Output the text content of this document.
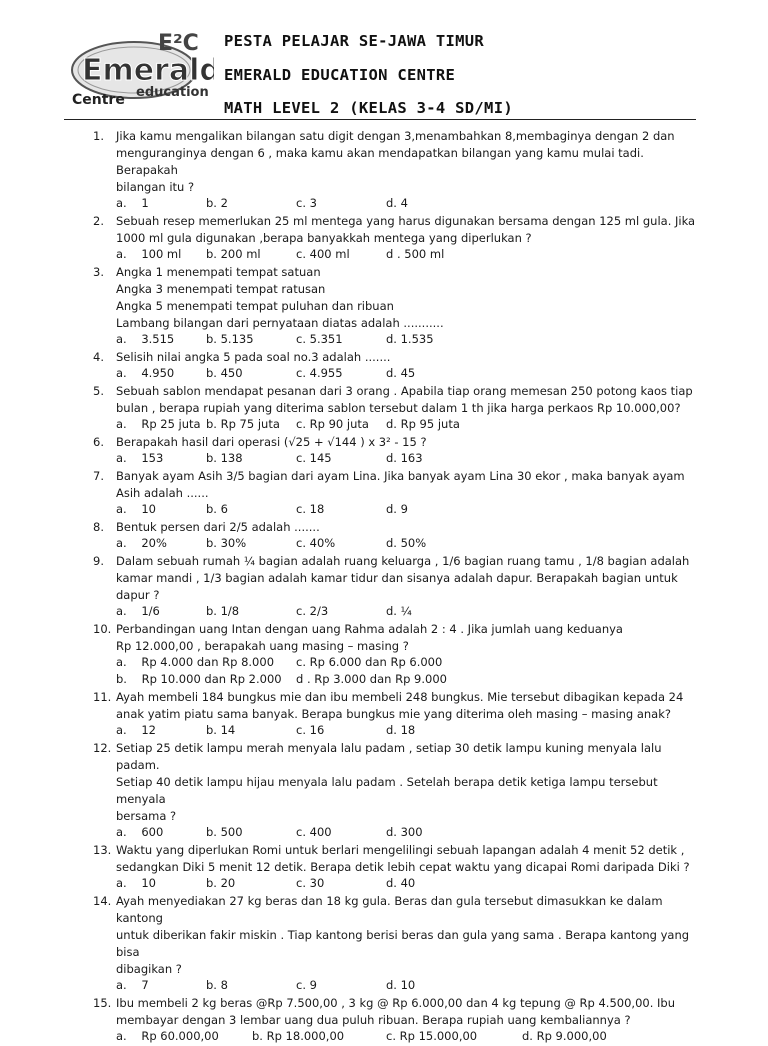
Emerald
E²C
education
Centre
PESTA PELAJAR SE-JAWA TIMUR
EMERALD EDUCATION CENTRE
MATH LEVEL 2 (KELAS 3-4 SD/MI)
1. Jika kamu mengalikan bilangan satu digit dengan 3,menambahkan 8,membaginya dengan 2 dan
menguranginya dengan 6 , maka kamu akan mendapatkan bilangan yang kamu mulai tadi. Berapakah
bilangan itu ?
a.    1	b. 2	c. 3	d. 4
2. Sebuah resep memerlukan 25 ml mentega yang harus digunakan bersama dengan 125 ml gula. Jika
1000 ml gula digunakan ,berapa banyakkah mentega yang diperlukan ?
a.    100 ml b. 200 ml	c. 400 ml	d . 500 ml
3. Angka 1 menempati tempat satuan
Angka 3 menempati tempat ratusan
Angka 5 menempati tempat puluhan dan ribuan
Lambang bilangan dari pernyataan diatas adalah ...........
a.    3.515	b. 5.135	c. 5.351	d. 1.535
4. Selisih nilai angka 5 pada soal no.3 adalah .......
a.    4.950	b. 450	c. 4.955	d. 45
5. Sebuah sablon mendapat pesanan dari 3 orang . Apabila tiap orang memesan 250 potong kaos tiap
bulan , berapa rupiah yang diterima sablon tersebut dalam 1 th jika harga perkaos Rp 10.000,00?
a.    Rp 25 juta b. Rp 75 juta c. Rp 90 juta d. Rp 95 juta
6. Berapakah hasil dari operasi (√25 + √144 ) x 3² - 15 ?
a.    153	b. 138	c. 145	d. 163
7. Banyak ayam Asih 3/5 bagian dari ayam Lina. Jika banyak ayam Lina 30 ekor , maka banyak ayam
Asih adalah ......
a.    10	b. 6	c. 18	d. 9
8. Bentuk persen dari 2/5 adalah .......
a.    20%	b. 30%	c. 40%	d. 50%
9. Dalam sebuah rumah ¼ bagian adalah ruang keluarga , 1/6 bagian ruang tamu , 1/8 bagian adalah
kamar mandi , 1/3 bagian adalah kamar tidur dan sisanya adalah dapur. Berapakah bagian untuk
dapur ?
a.    1/6	b. 1/8	c. 2/3	d. ¼
10. Perbandingan uang Intan dengan uang Rahma adalah 2 : 4 . Jika jumlah uang keduanya
Rp 12.000,00 , berapakah uang masing – masing ?
a.    Rp 4.000 dan Rp 8.000 c. Rp 6.000 dan Rp 6.000
b.    Rp 10.000 dan Rp 2.000 d . Rp 3.000 dan Rp 9.000
11. Ayah membeli 184 bungkus mie dan ibu membeli 248 bungkus. Mie tersebut dibagikan kepada 24
anak yatim piatu sama banyak. Berapa bungkus mie yang diterima oleh masing – masing anak?
a.    12	b. 14	c. 16	d. 18
12. Setiap 25 detik lampu merah menyala lalu padam , setiap 30 detik lampu kuning menyala lalu padam.
Setiap 40 detik lampu hijau menyala lalu padam . Setelah berapa detik ketiga lampu tersebut menyala
bersama ?
a.    600	b. 500	c. 400	d. 300
13. Waktu yang diperlukan Romi untuk berlari mengelilingi sebuah lapangan adalah 4 menit 52 detik ,
sedangkan Diki 5 menit 12 detik. Berapa detik lebih cepat waktu yang dicapai Romi daripada Diki ?
a.    10	b. 20	c. 30	d. 40
14. Ayah menyediakan 27 kg beras dan 18 kg gula. Beras dan gula tersebut dimasukkan ke dalam kantong
untuk diberikan fakir miskin . Tiap kantong berisi beras dan gula yang sama . Berapa kantong yang bisa
dibagikan ?
a.    7	b. 8	c. 9	d. 10
15. Ibu membeli 2 kg beras @Rp 7.500,00 , 3 kg @ Rp 6.000,00 dan 4 kg tepung @ Rp 4.500,00. Ibu
membayar dengan 3 lembar uang dua puluh ribuan. Berapa rupiah uang kembaliannya ?
a.    Rp 60.000,00	b. Rp 18.000,00	c. Rp 15.000,00	d. Rp 9.000,00
